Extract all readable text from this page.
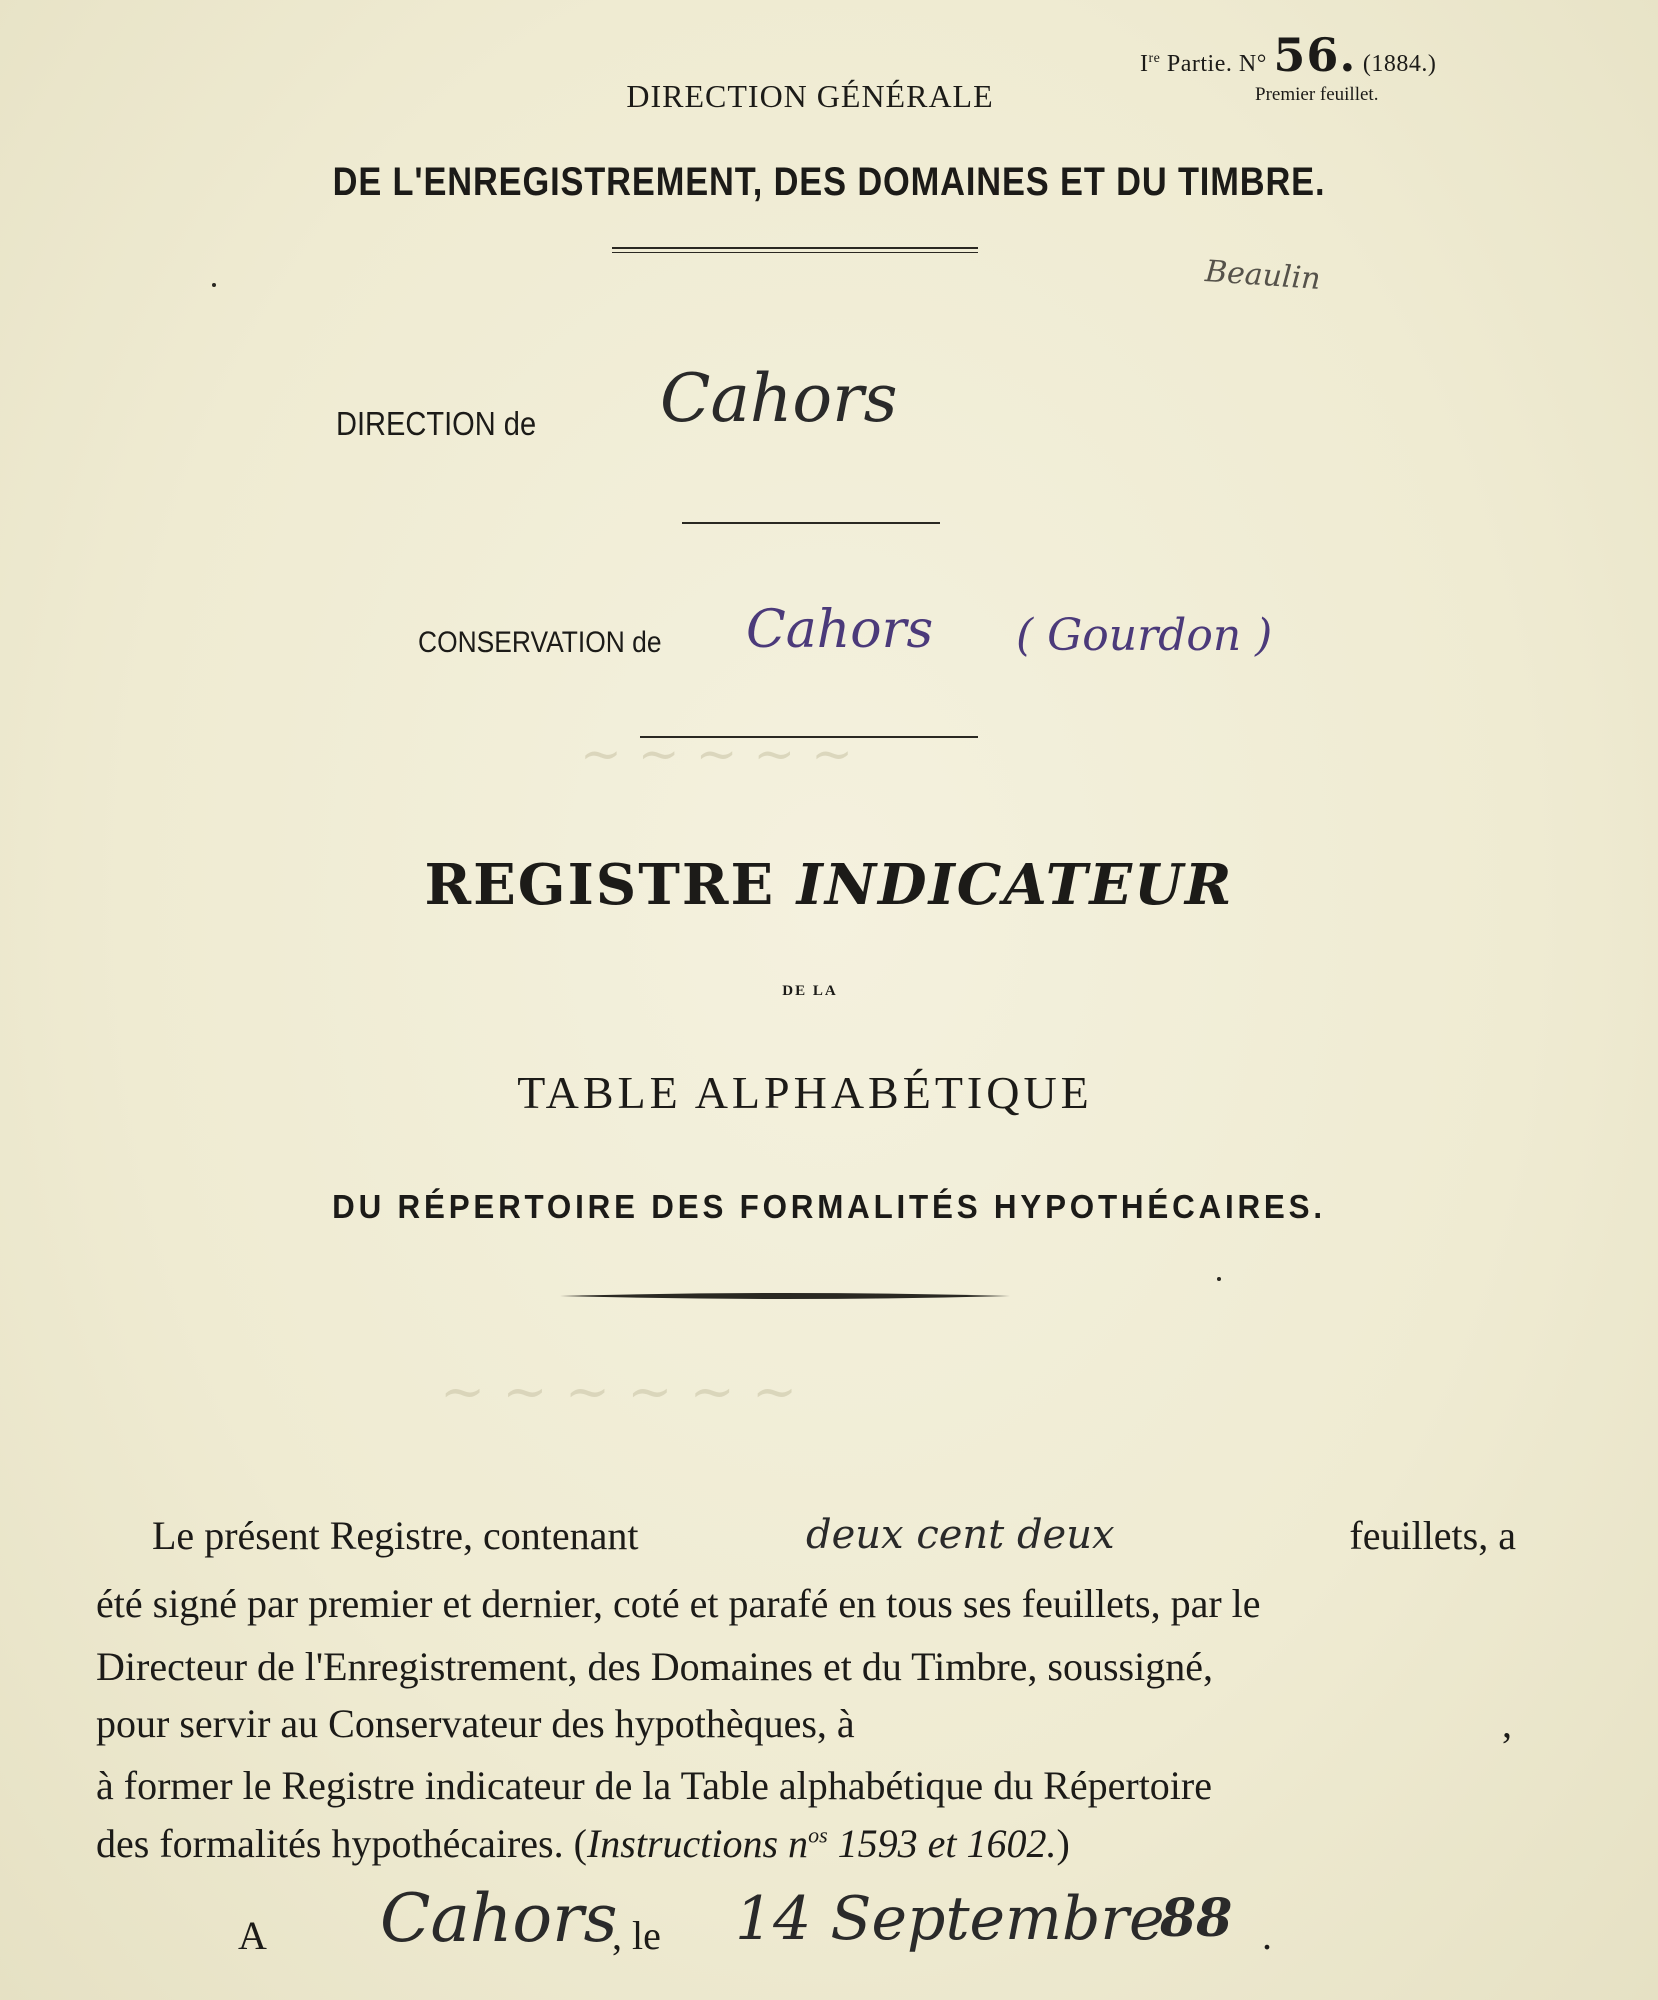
Ire Partie. N° 56. (1884.)
Premier feuillet.
DIRECTION GÉNÉRALE
DE L'ENREGISTREMENT, DES DOMAINES ET DU TIMBRE.
Beaulin
DIRECTION de Cahors
CONSERVATION de Cahors ( Gourdon )
~ ~ ~ ~ ~
~ ~ ~ ~ ~ ~
REGISTRE INDICATEUR
DE LA
TABLE ALPHABÉTIQUE
DU RÉPERTOIRE DES FORMALITÉS HYPOTHÉCAIRES.
Le présent Registre, contenant	deux cent deux	feuillets, a
été signé par premier et dernier, coté et parafé en tous ses feuillets, par le
Directeur de l'Enregistrement, des Domaines et du Timbre, soussigné,
pour servir au Conservateur des hypothèques, à	,
à former le Registre indicateur de la Table alphabétique du Répertoire
des formalités hypothécaires. (Instructions $n^{os}$ 1593 et 1602.)
A Cahors
, le 14 Septembre
88 .
